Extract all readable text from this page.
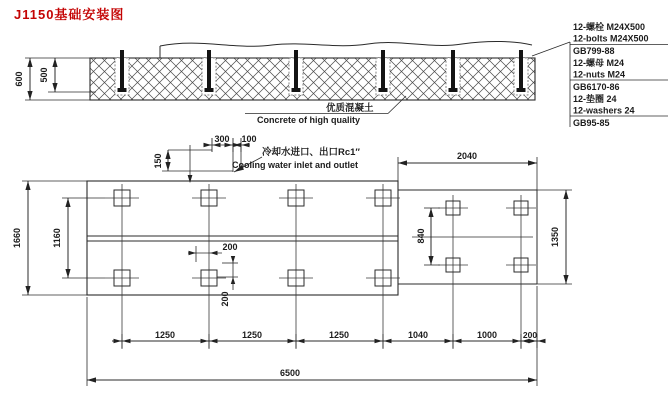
J1150基础安装图
600 500
优质混凝土
Concrete of high quality
12-螺栓 M24X500
12-bolts M24X500
GB799-88
12-螺母 M24
12-nuts M24
GB6170-86
12-垫圈 24
12-washers 24
GB95-85
1660	1160
300 100
150
冷却水进口、出口Rc1″
Cooling water inlet and outlet
200
200
2040
840	1350
1250	1250	1250	1040	1000	200
6500
